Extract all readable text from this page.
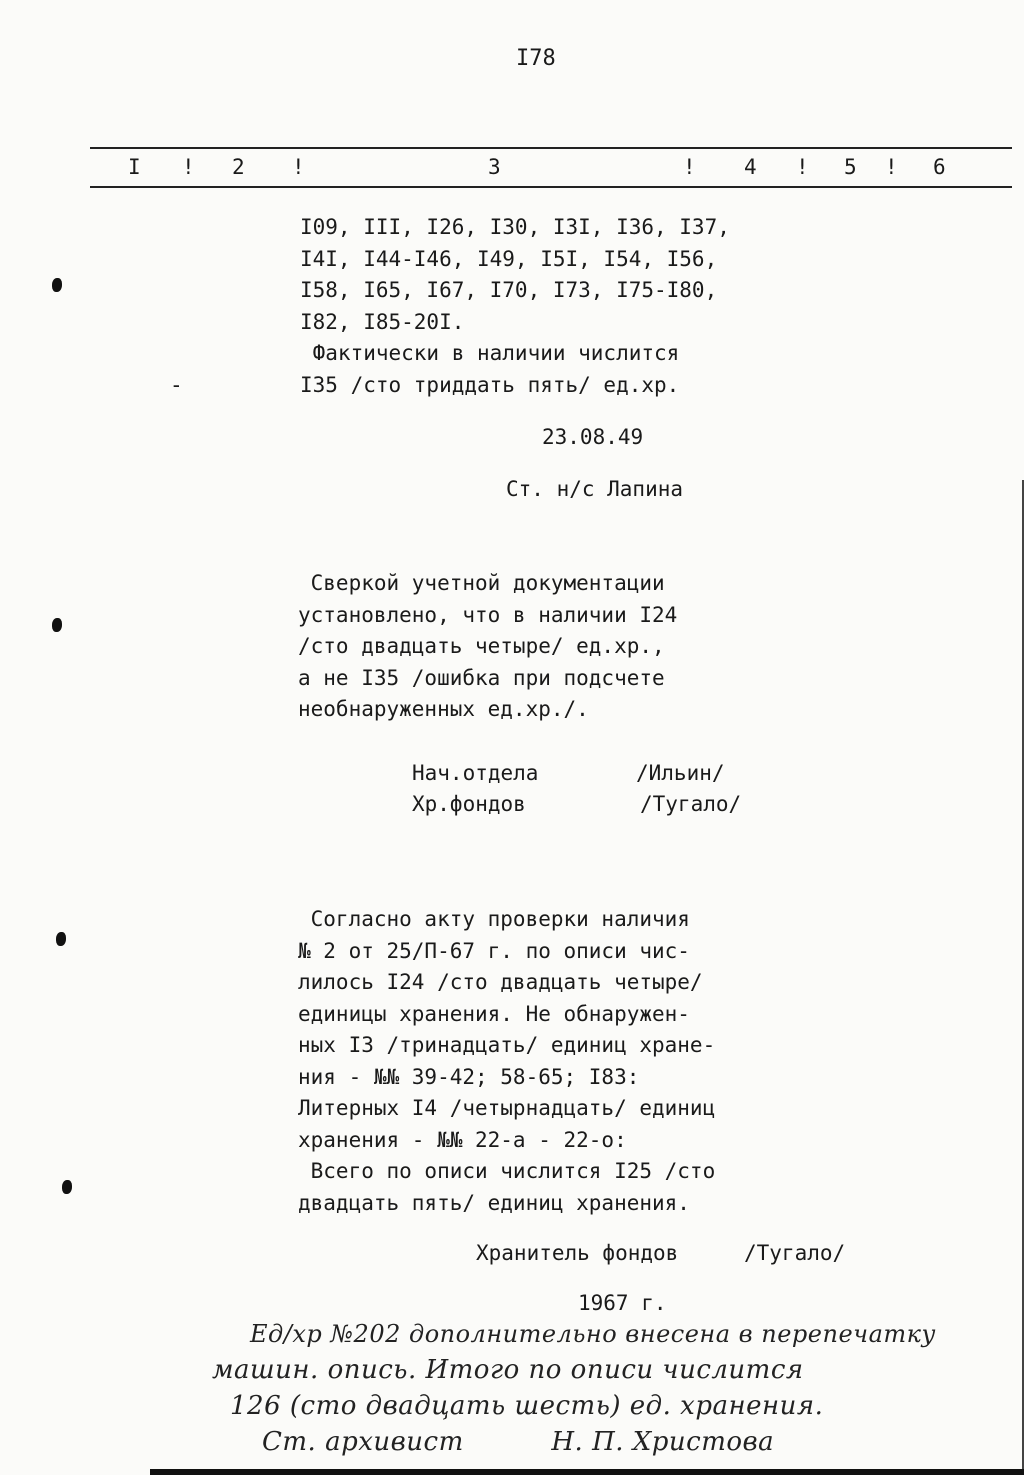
I78
I ! 2 !	3	! 4 ! 5 ! 6
I09, III, I26, I30, I3I, I36, I37,
I4I, I44-I46, I49, I5I, I54, I56,
I58, I65, I67, I70, I73, I75-I80,
I82, I85-20I.
Фактически в наличии числится
I35 /сто триддать пять/ ед.хр.
-
23.08.49
Ст. н/с Лапина
Сверкой учетной документации
установлено, что в наличии I24
/сто двадцать четыре/ ед.хр.,
а не I35 /ошибка при подсчете
необнаруженных ед.хр./.
Нач.отдела	/Ильин/
Хр.фондов	/Тугало/
Согласно акту проверки наличия
№ 2 от 25/П-67 г. по описи чис-
лилось I24 /сто двадцать четыре/
единицы хранения. Не обнаружен-
ных I3 /тринадцать/ единиц хране-
ния - №№ 39-42; 58-65; I83:
Литерных I4 /четырнадцать/ единиц
хранения - №№ 22-а - 22-о:
Всего по описи числится I25 /сто
двадцать пять/ единиц хранения.
Хранитель фондов	/Тугало/
1967 г.
Ед/хр №202 дополнительно внесена в перепечатку
машин. опись. Итого по описи числится
126 (сто двадцать шесть) ед. хранения.
Ст. архивист          Н. П. Христова
